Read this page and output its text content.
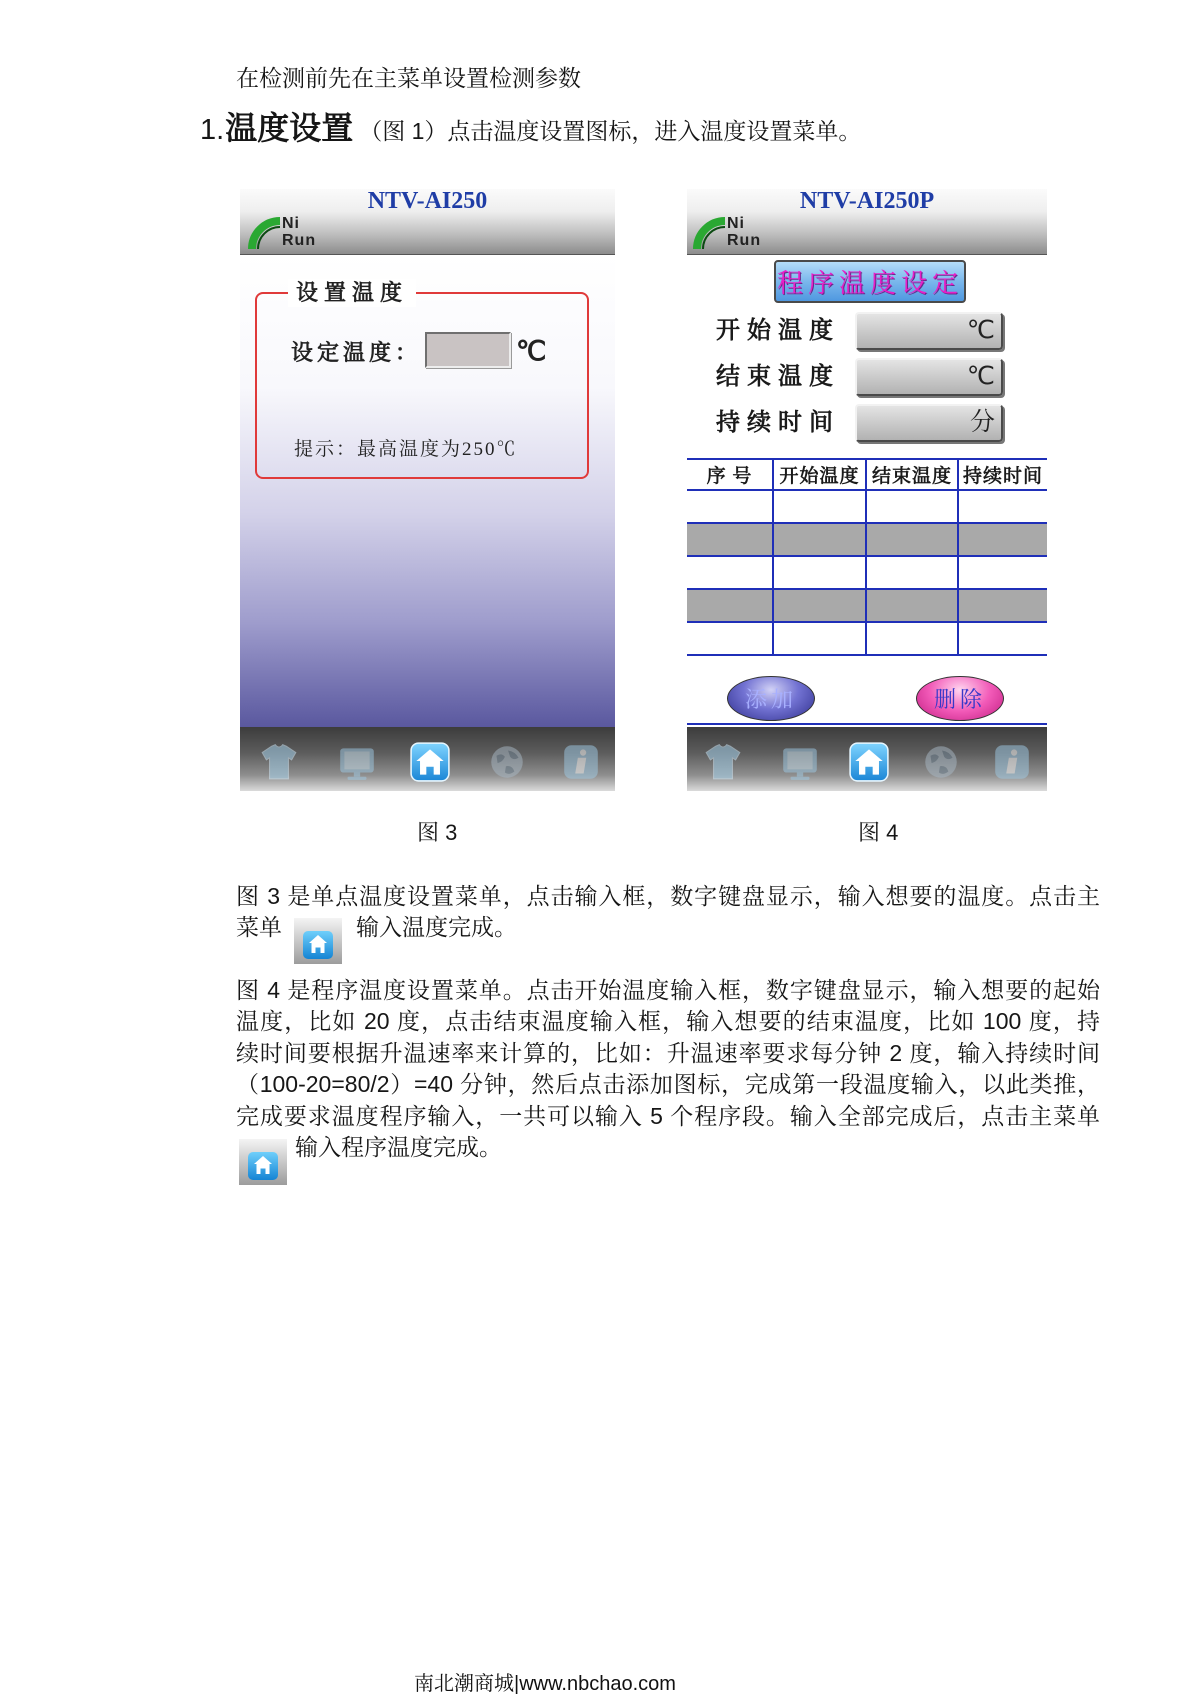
在检测前先在主菜单设置检测参数
1. 温度设置 （图 1）点击温度设置图标，进入温度设置菜单。
NTV-AI250
Ni
Run
设置温度
设定温度：	℃
提示：最高温度为250℃
NTV-AI250P
Ni
Run
程序温度设定
开始温度	℃
结束温度	℃
持续时间	分
序 号	开始温度	结束温度	持续时间

添加	删除
图 3	图 4
图 3 是单点温度设置菜单，点击输入框，数字键盘显示，输入想要的温度。点击主
菜单	输入温度完成。
图 4 是程序温度设置菜单。点击开始温度输入框，数字键盘显示，输入想要的起始
温度，比如 20 度，点击结束温度输入框，输入想要的结束温度，比如 100 度，持
续时间要根据升温速率来计算的，比如：升温速率要求每分钟 2 度，输入持续时间
（100-20=80/2）=40 分钟，然后点击添加图标，完成第一段温度输入，以此类推，
完成要求温度程序输入，一共可以输入 5 个程序段。输入全部完成后，点击主菜单
输入程序温度完成。
南北潮商城|www.nbchao.com
